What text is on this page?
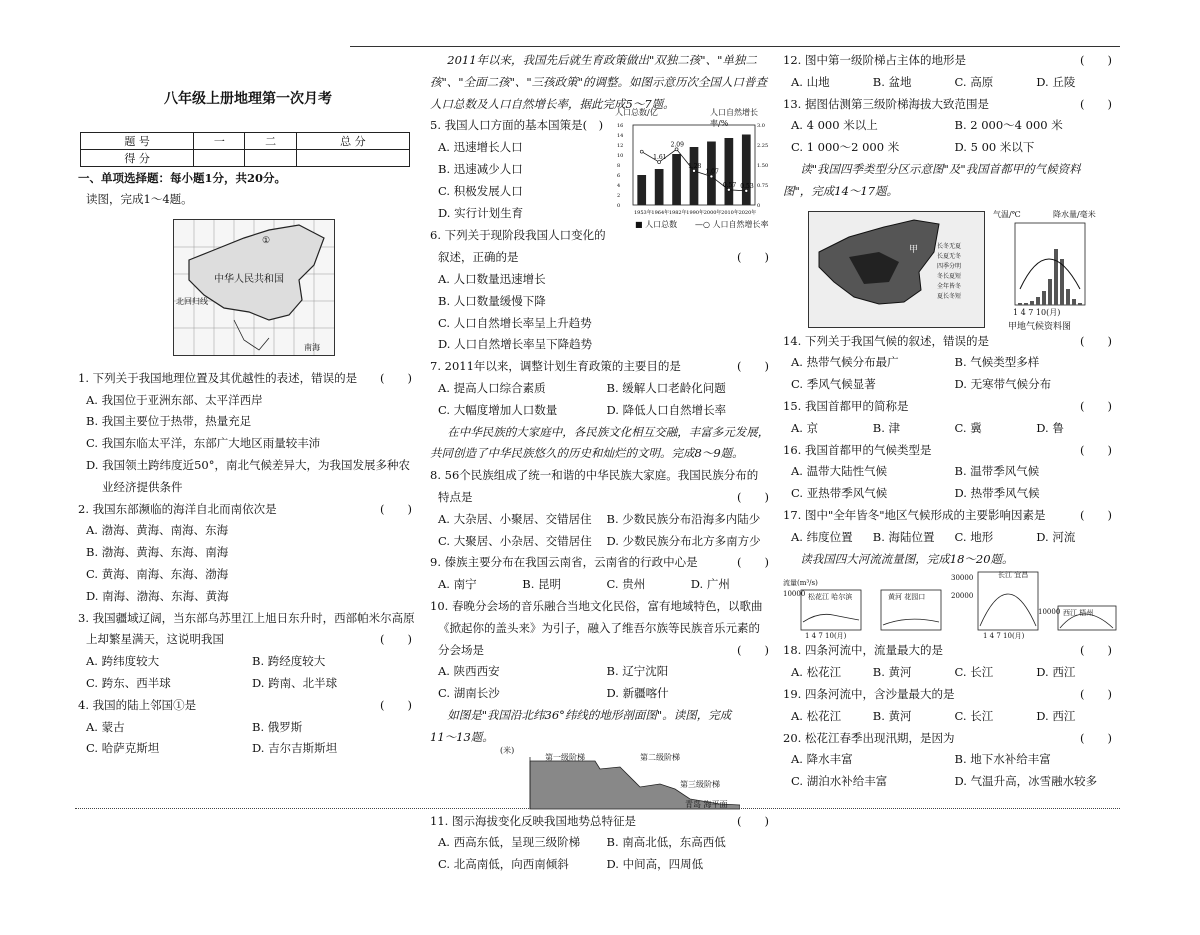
八年级上册地理第一次月考
题 号	一	二	总 分
得 分			
一、单项选择题：每小题1分，共20分。
读图，完成1～4题。
中华人民共和国
①
北回归线
南海
1. 下列关于我国地理位置及其优越性的表述，错误的是 (　　)
A. 我国位于亚洲东部、太平洋西岸
B. 我国主要位于热带，热量充足
C. 我国东临太平洋，东部广大地区雨量较丰沛
D. 我国领土跨纬度近50°，南北气候差异大，为我国发展多种农
业经济提供条件
2. 我国东部濒临的海洋自北而南依次是	(　　)
A. 渤海、黄海、南海、东海
B. 渤海、黄海、东海、南海
C. 黄海、南海、东海、渤海
D. 南海、渤海、东海、黄海
3. 我国疆域辽阔，当东部乌苏里江上旭日东升时，西部帕米尔高原
上却繁星满天，这说明我国	(　　)
A. 跨纬度较大	B. 跨经度较大
C. 跨东、西半球	D. 跨南、北半球
4. 我国的陆上邻国①是	(　　)
A. 蒙古	B. 俄罗斯
C. 哈萨克斯坦	D. 吉尔吉斯斯坦
2011年以来，我国先后就生育政策做出"双独二孩"、"单独二
孩"、"全面二孩"、"三孩政策"的调整。如图示意历次全国人口普查
人口总数及人口自然增长率，据此完成5～7题。
5. 我国人口方面的基本国策是(　)
A. 迅速增长人口
B. 迅速减少人口
C. 积极发展人口
D. 实行计划生育
人口总数/亿	人口自然增长率/%
1953年 1964年 1982年 1990年 2000年 2010年 2020年
1.61
2.09
1.28
1.07
0.57 0.53
16
14
12
10
8
6
4
2
0
3.0
2.25
1.50
0.75
0
■ 人口总数 —○ 人口自然增长率
6. 下列关于现阶段我国人口变化的
叙述，正确的是	(　　)
A. 人口数量迅速增长
B. 人口数量缓慢下降
C. 人口自然增长率呈上升趋势
D. 人口自然增长率呈下降趋势
7. 2011年以来，调整计划生育政策的主要目的是	(　　)
A. 提高人口综合素质	B. 缓解人口老龄化问题
C. 大幅度增加人口数量	D. 降低人口自然增长率
在中华民族的大家庭中，各民族文化相互交融，丰富多元发展，
共同创造了中华民族悠久的历史和灿烂的文明。完成8～9题。
8. 56个民族组成了统一和谐的中华民族大家庭。我国民族分布的
特点是	(　　)
A. 大杂居、小聚居、交错居住	B. 少数民族分布沿海多内陆少
C. 大聚居、小杂居、交错居住	D. 少数民族分布北方多南方少
9. 傣族主要分布在我国云南省，云南省的行政中心是	(　　)
A. 南宁	B. 昆明	C. 贵州	D. 广州
10. 春晚分会场的音乐融合当地文化民俗，富有地域特色，以歌曲
《掀起你的盖头来》为引子，融入了维吾尔族等民族音乐元素的
分会场是	(　　)
A. 陕西西安	B. 辽宁沈阳
C. 湖南长沙	D. 新疆喀什
如图是"我国沿北纬36°纬线的地形剖面图"。读图，完成
11～13题。
(米)
第一级阶梯	第二级阶梯
第三级阶梯
青岛 海平面
11. 图示海拔变化反映我国地势总特征是	(　　)
A. 西高东低，呈现三级阶梯	B. 南高北低，东高西低
C. 北高南低，向西南倾斜	D. 中间高，四周低
12. 图中第一级阶梯占主体的地形是	(　　)
A. 山地	B. 盆地	C. 高原	D. 丘陵
13. 据图估测第三级阶梯海拔大致范围是	(　　)
A. 4 000 米以上	B. 2 000～4 000 米
C. 1 000～2 000 米	D. 5 00 米以下
读"我国四季类型分区示意图"及"我国首都甲的气候资料
图"，完成14～17题。
长冬无夏
长夏无冬
四季分明
冬长夏短
全年皆冬
夏长冬短
甲
气温/℃	降水量/毫米
1 4 7 10(月)
甲地气候资料图
14. 下列关于我国气候的叙述，错误的是	(　　)
A. 热带气候分布最广	B. 气候类型多样
C. 季风气候显著	D. 无寒带气候分布
15. 我国首都甲的简称是	(　　)
A. 京	B. 津	C. 冀	D. 鲁
16. 我国首都甲的气候类型是	(　　)
A. 温带大陆性气候	B. 温带季风气候
C. 亚热带季风气候	D. 热带季风气候
17. 图中"全年皆冬"地区气候形成的主要影响因素是	(　　)
A. 纬度位置	B. 海陆位置	C. 地形	D. 河流
读我国四大河流流量图，完成18～20题。
流量(m³/s)
松花江 哈尔滨	黄河 花园口
长江 宜昌
西江 梧州
10000
30000
20000
10000
1 4 7 10(月)	1 4 7 10(月)
18. 四条河流中，流量最大的是	(　　)
A. 松花江	B. 黄河	C. 长江	D. 西江
19. 四条河流中，含沙量最大的是	(　　)
A. 松花江	B. 黄河	C. 长江	D. 西江
20. 松花江春季出现汛期，是因为	(　　)
A. 降水丰富	B. 地下水补给丰富
C. 湖泊水补给丰富	D. 气温升高，冰雪融水较多
